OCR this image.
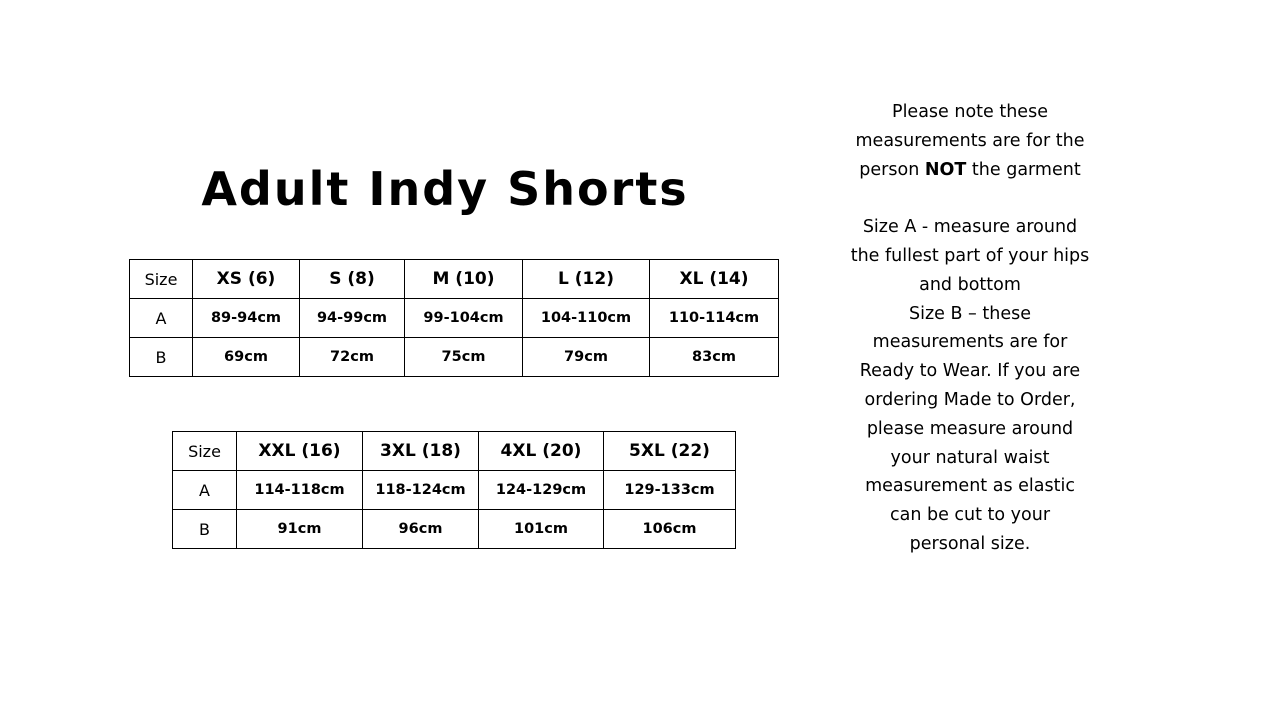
Adult Indy Shorts
Size	XS (6)	S (8)	M (10)	L (12)	XL (14)
A	89-94cm	94-99cm	99-104cm	104-110cm	110-114cm
B	69cm	72cm	75cm	79cm	83cm
Size	XXL (16)	3XL (18)	4XL (20)	5XL (22)
A	114-118cm	118-124cm	124-129cm	129-133cm
B	91cm	96cm	101cm	106cm

Please note these measurements are for the person NOT the garment

Size A - measure around the fullest part of your hips and bottom

Size B – these measurements are for Ready to Wear. If you are ordering Made to Order, please measure around your natural waist measurement as elastic can be cut to your personal size.
